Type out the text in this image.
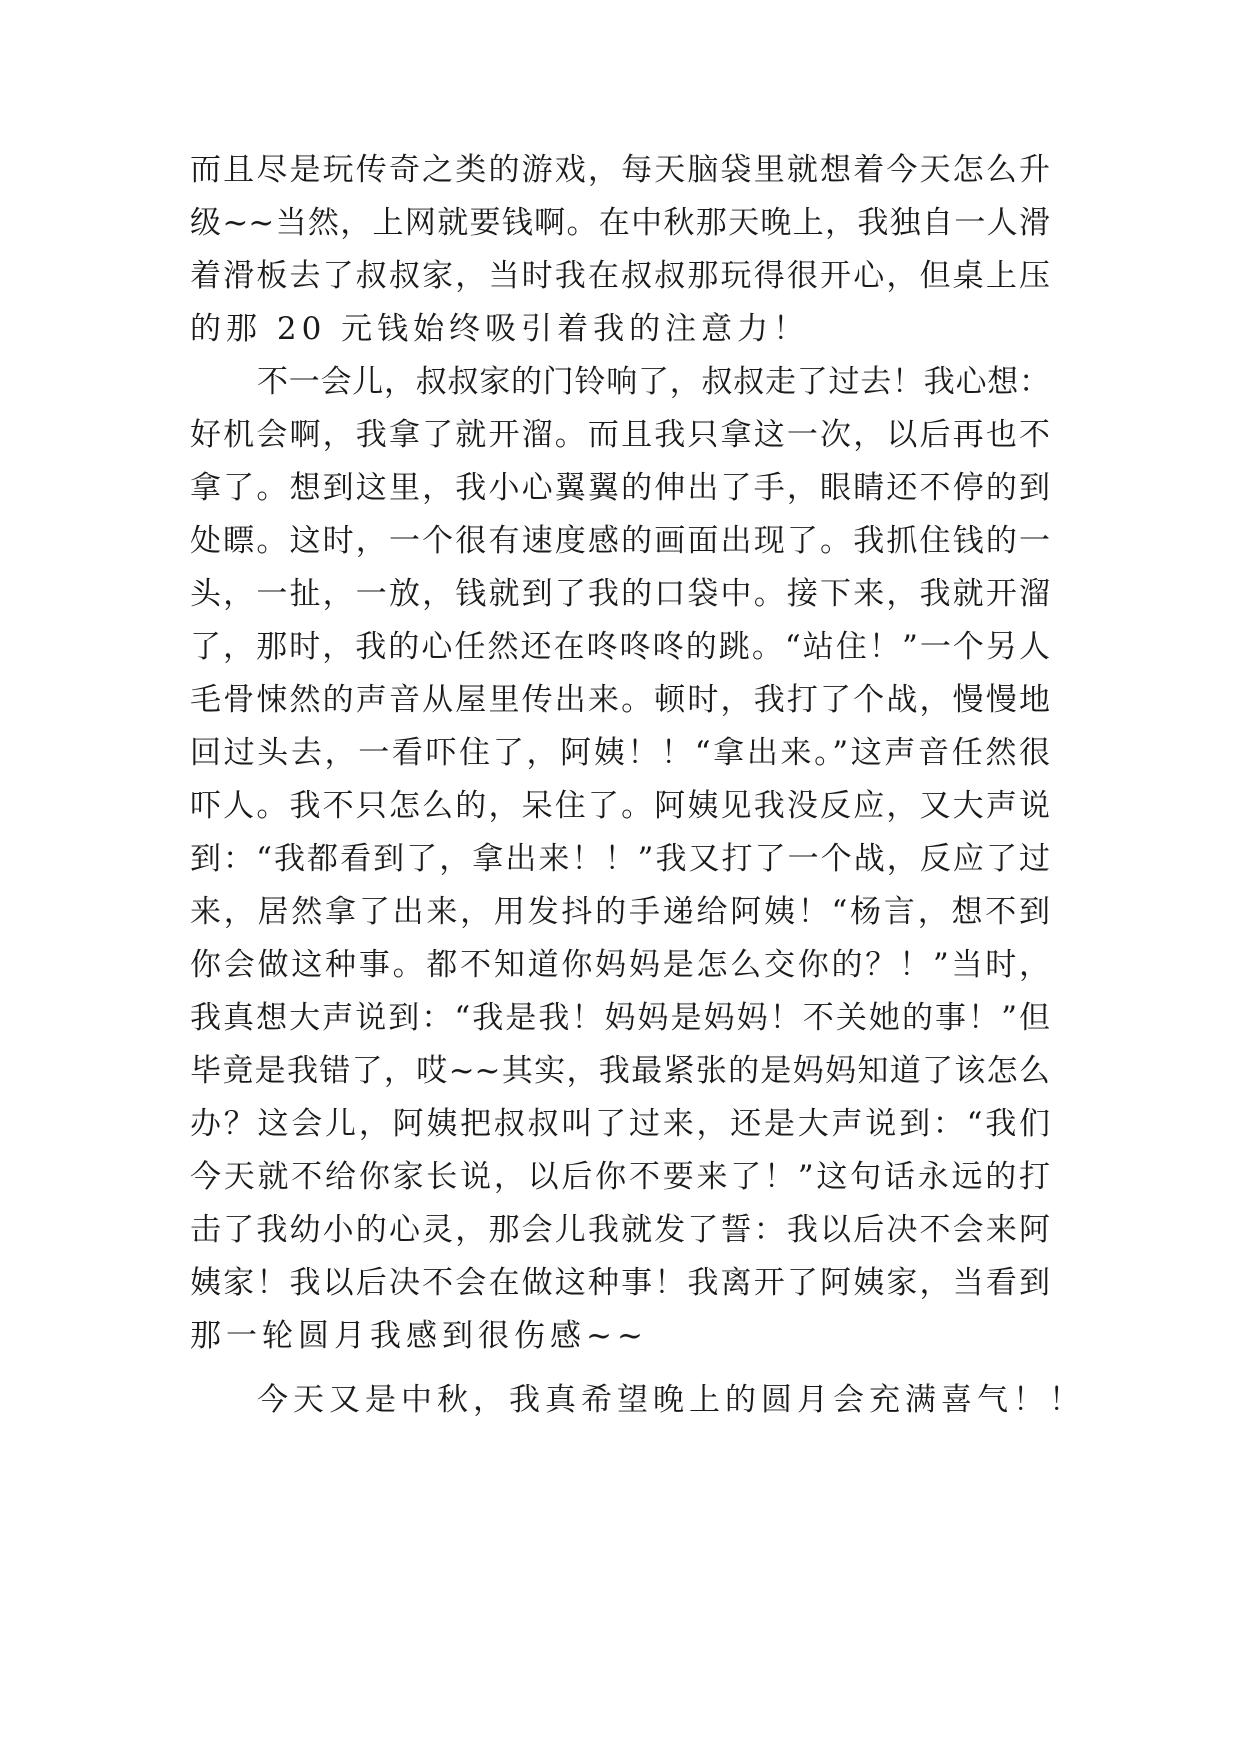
而且尽是玩传奇之类的游戏，每天脑袋里就想着今天怎么升
级~~当然，上网就要钱啊。在中秋那天晚上，我独自一人滑
着滑板去了叔叔家，当时我在叔叔那玩得很开心，但桌上压
的那 20 元钱始终吸引着我的注意力！
不一会儿，叔叔家的门铃响了，叔叔走了过去！我心想：
好机会啊，我拿了就开溜。而且我只拿这一次，以后再也不
拿了。想到这里，我小心翼翼的伸出了手，眼睛还不停的到
处瞟。这时，一个很有速度感的画面出现了。我抓住钱的一
头，一扯，一放，钱就到了我的口袋中。接下来，我就开溜
了，那时，我的心任然还在咚咚咚的跳。“站住！”一个另人
毛骨悚然的声音从屋里传出来。顿时，我打了个战，慢慢地
回过头去，一看吓住了，阿姨！！“拿出来。”这声音任然很
吓人。我不只怎么的，呆住了。阿姨见我没反应，又大声说
到：“我都看到了，拿出来！！”我又打了一个战，反应了过
来，居然拿了出来，用发抖的手递给阿姨！“杨言，想不到
你会做这种事。都不知道你妈妈是怎么交你的？！”当时，
我真想大声说到：“我是我！妈妈是妈妈！不关她的事！”但
毕竟是我错了，哎~~其实，我最紧张的是妈妈知道了该怎么
办？这会儿，阿姨把叔叔叫了过来，还是大声说到：“我们
今天就不给你家长说，以后你不要来了！”这句话永远的打
击了我幼小的心灵，那会儿我就发了誓：我以后决不会来阿
姨家！我以后决不会在做这种事！我离开了阿姨家，当看到
那一轮圆月我感到很伤感~~
今天又是中秋，我真希望晚上的圆月会充满喜气！！
